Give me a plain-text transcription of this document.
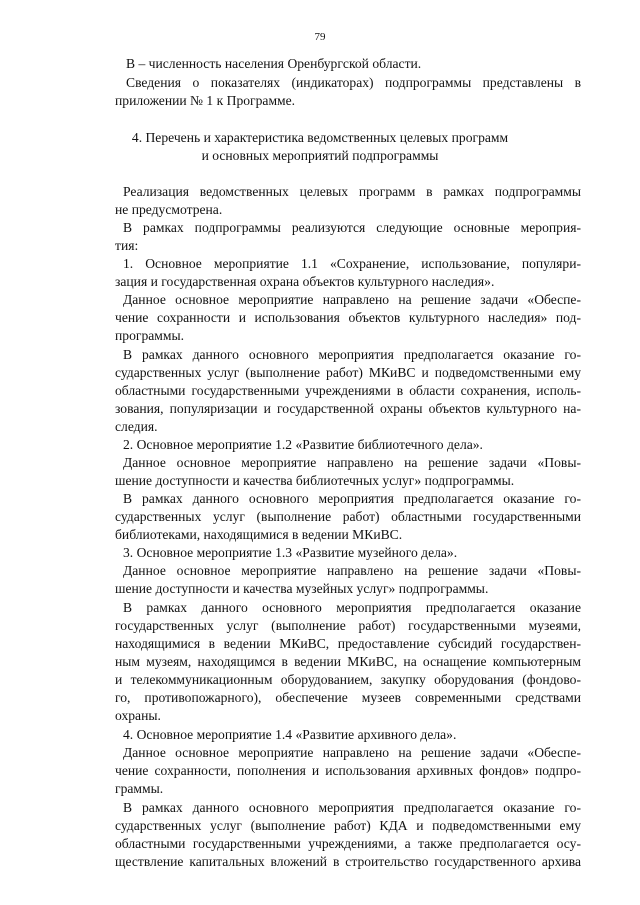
79
В – численность населения Оренбургской области.
Сведения о показателях (индикаторах) подпрограммы представлены в
приложении № 1 к Программе.
4. Перечень и характеристика ведомственных целевых программ
и основных мероприятий подпрограммы
Реализация ведомственных целевых программ в рамках подпрограммы
не предусмотрена.
В рамках подпрограммы реализуются следующие основные мероприя-
тия:
1. Основное мероприятие 1.1 «Сохранение, использование, популяри-
зация и государственная охрана объектов культурного наследия».
Данное основное мероприятие направлено на решение задачи «Обеспе-
чение сохранности и использования объектов культурного наследия» под-
программы.
В рамках данного основного мероприятия предполагается оказание го-
сударственных услуг (выполнение работ) МКиВС и подведомственными ему
областными государственными учреждениями в области сохранения, исполь-
зования, популяризации и государственной охраны объектов культурного на-
следия.
2. Основное мероприятие 1.2 «Развитие библиотечного дела».
Данное основное мероприятие направлено на решение задачи «Повы-
шение доступности и качества библиотечных услуг» подпрограммы.
В рамках данного основного мероприятия предполагается оказание го-
сударственных услуг (выполнение работ) областными государственными
библиотеками, находящимися в ведении МКиВС.
3. Основное мероприятие 1.3 «Развитие музейного дела».
Данное основное мероприятие направлено на решение задачи «Повы-
шение доступности и качества музейных услуг» подпрограммы.
В рамках данного основного мероприятия предполагается оказание
государственных услуг (выполнение работ) государственными музеями,
находящимися в ведении МКиВС, предоставление субсидий государствен-
ным музеям, находящимся в ведении МКиВС, на оснащение компьютерным
и телекоммуникационным оборудованием, закупку оборудования (фондово-
го, противопожарного), обеспечение музеев современными средствами
охраны.
4. Основное мероприятие 1.4 «Развитие архивного дела».
Данное основное мероприятие направлено на решение задачи «Обеспе-
чение сохранности, пополнения и использования архивных фондов» подпро-
граммы.
В рамках данного основного мероприятия предполагается оказание го-
сударственных услуг (выполнение работ) КДА и подведомственными ему
областными государственными учреждениями, а также предполагается осу-
ществление капитальных вложений в строительство государственного архива
